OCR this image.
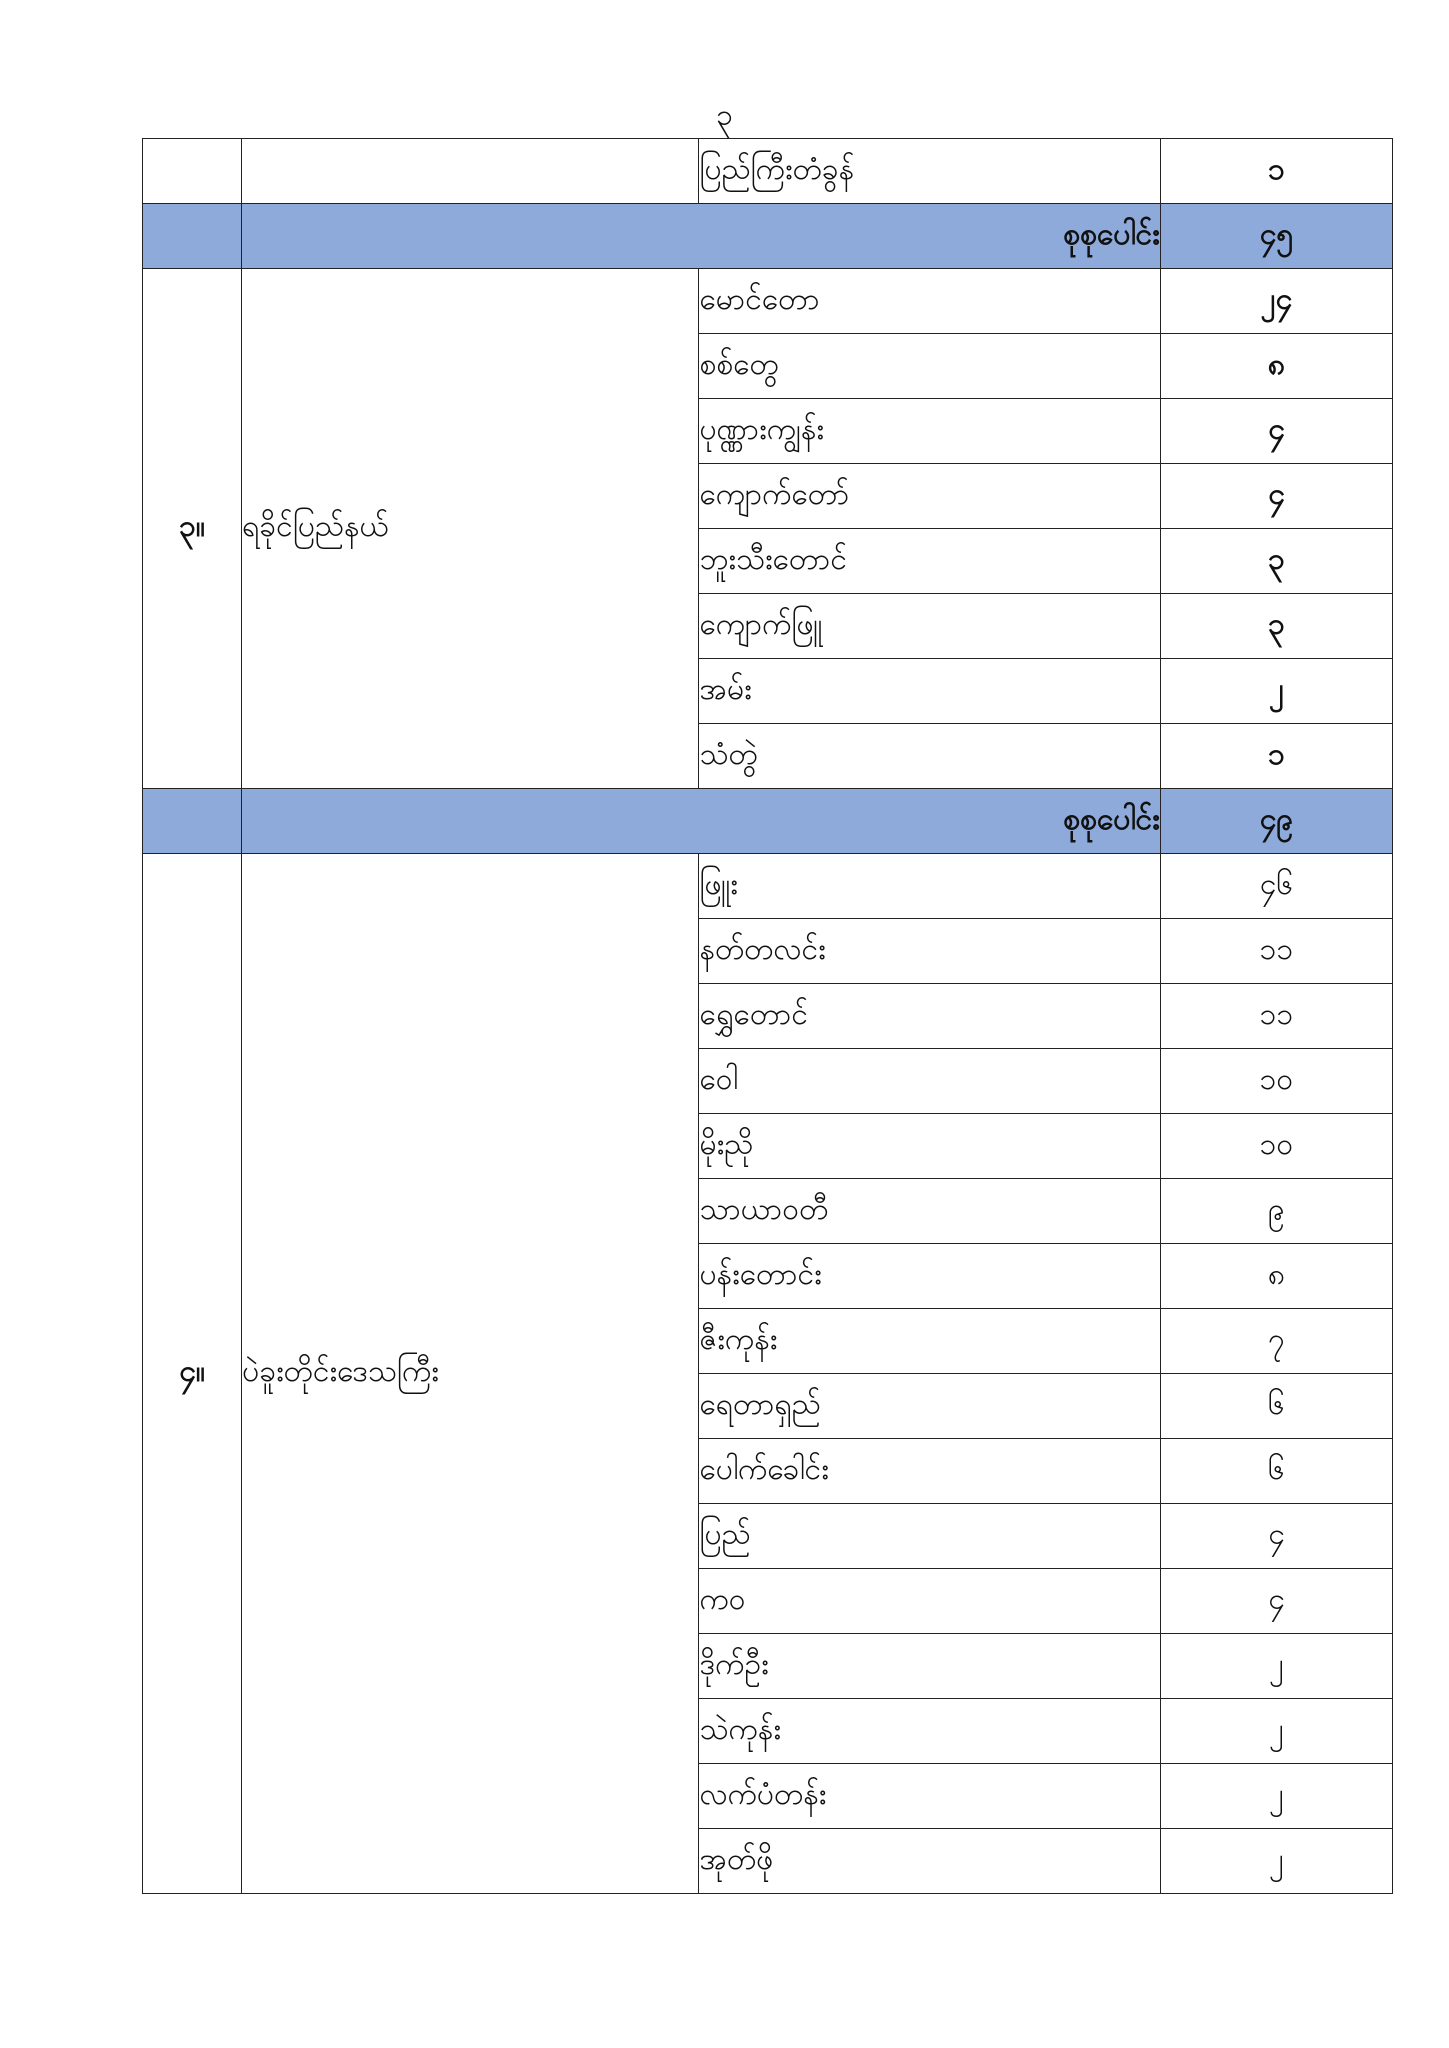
၃
		ပြည်ကြီးတံခွန်	၁
	စုစုပေါင်း		၄၅
၃။	ရခိုင်ပြည်နယ်	မောင်တော	၂၄
		စစ်တွေ	၈
		ပုဏ္ဏားကျွန်း	၄
		ကျောက်တော်	၄
		ဘူးသီးတောင်	၃
		ကျောက်ဖြူ	၃
		အမ်း	၂
		သံတွဲ	၁
	စုစုပေါင်း		၄၉
၄။	ပဲခူးတိုင်းဒေသကြီး	ဖြူး	၄၆
		နတ်တလင်း	၁၁
		ရွှေတောင်	၁၁
		ဝေါ	၁၀
		မိုးညို	၁၀
		သာယာဝတီ	၉
		ပန်းတောင်း	၈
		ဇီးကုန်း	၇
		ရေတာရှည်	၆
		ပေါက်ခေါင်း	၆
		ပြည်	၄
		ကဝ	၄
		ဒိုက်ဦး	၂
		သဲကုန်း	၂
		လက်ပံတန်း	၂
		အုတ်ဖို	၂
